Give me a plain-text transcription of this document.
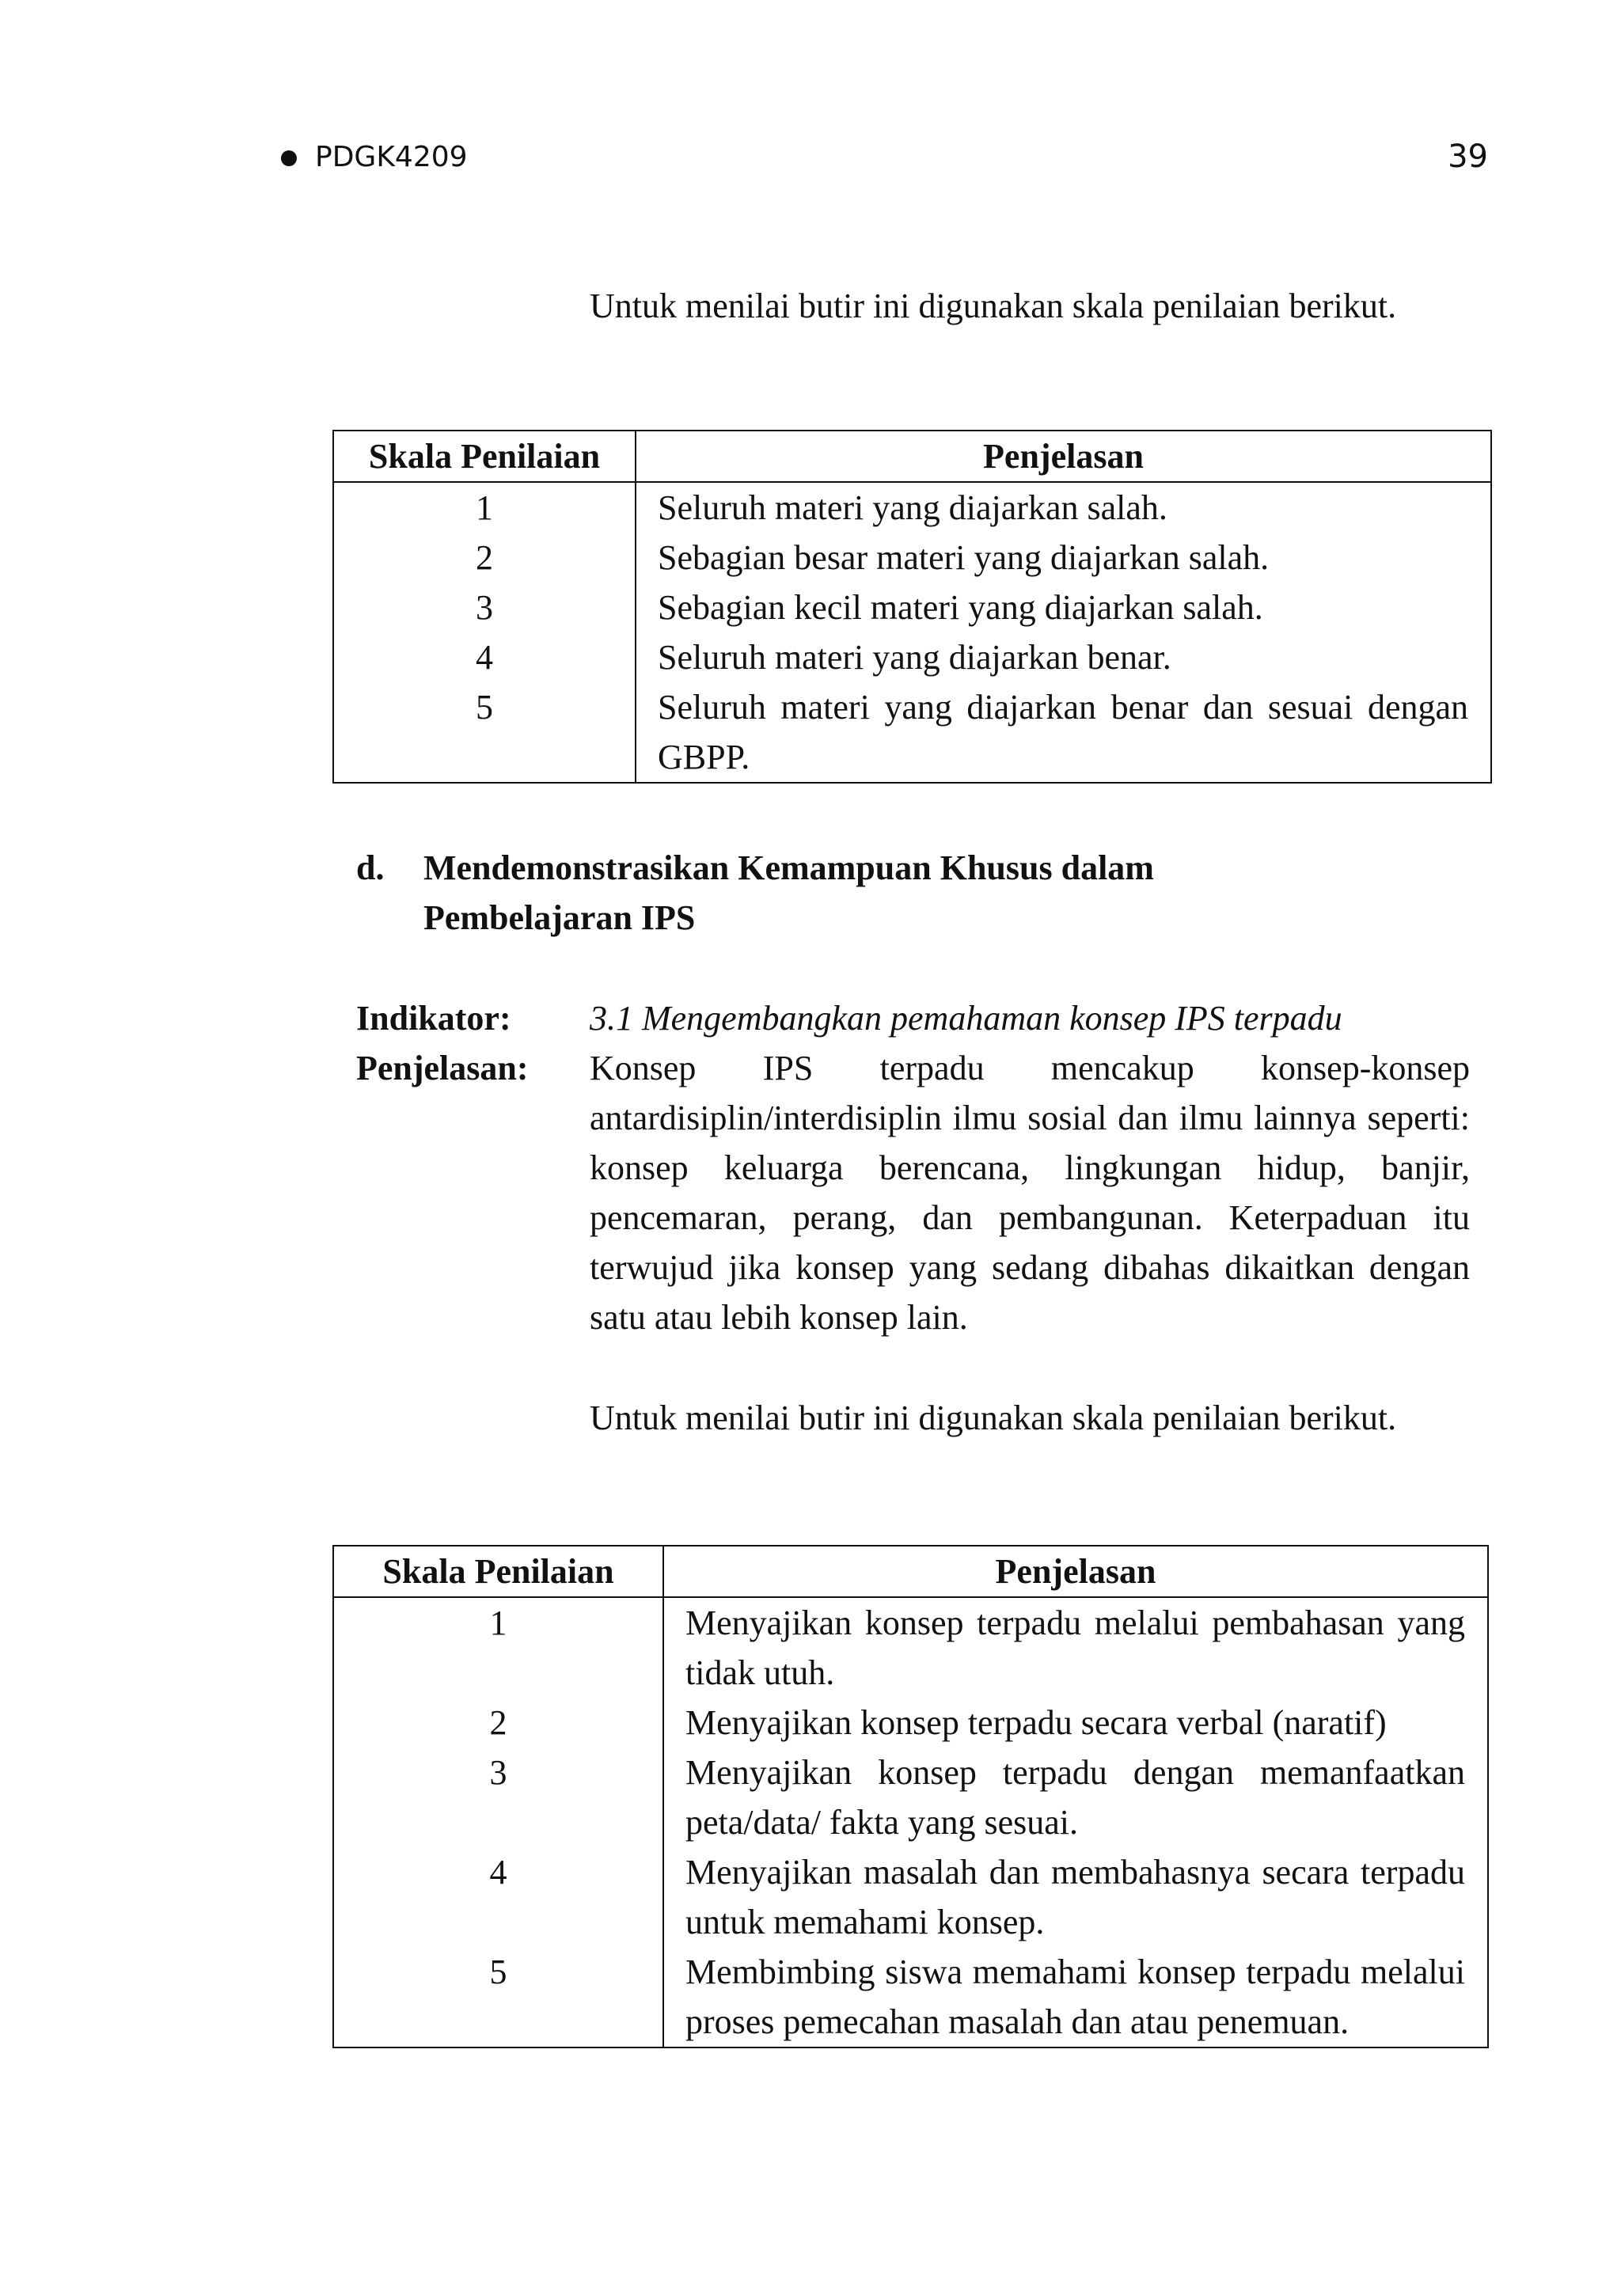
PDGK4209	39

Untuk menilai butir ini digunakan skala penilaian berikut.

Skala Penilaian	Penjelasan
1	Seluruh materi yang diajarkan salah.
2	Sebagian besar materi yang diajarkan salah.
3	Sebagian kecil materi yang diajarkan salah.
4	Seluruh materi yang diajarkan benar.
5	Seluruh materi yang diajarkan benar dan sesuai dengan GBPP.
d. Mendemonstrasikan Kemampuan Khusus dalam
Pembelajaran IPS
Indikator: 3.1 Mengembangkan pemahaman konsep IPS terpadu
Penjelasan: Konsep IPS terpadu mencakup konsep-konsep antardisiplin/interdisiplin ilmu sosial dan ilmu lainnya seperti: konsep keluarga berencana, lingkungan hidup, banjir, pencemaran, perang, dan pembangunan. Keterpaduan itu terwujud jika konsep yang sedang dibahas dikaitkan dengan satu atau lebih konsep lain.

Untuk menilai butir ini digunakan skala penilaian berikut.

Skala Penilaian	Penjelasan
1	Menyajikan konsep terpadu melalui pembahasan yang tidak utuh.
2	Menyajikan konsep terpadu secara verbal (naratif)
3	Menyajikan konsep terpadu dengan memanfaatkan peta/data/ fakta yang sesuai.
4	Menyajikan masalah dan membahasnya secara terpadu untuk memahami konsep.
5	Membimbing siswa memahami konsep terpadu melalui proses pemecahan masalah dan atau penemuan.
